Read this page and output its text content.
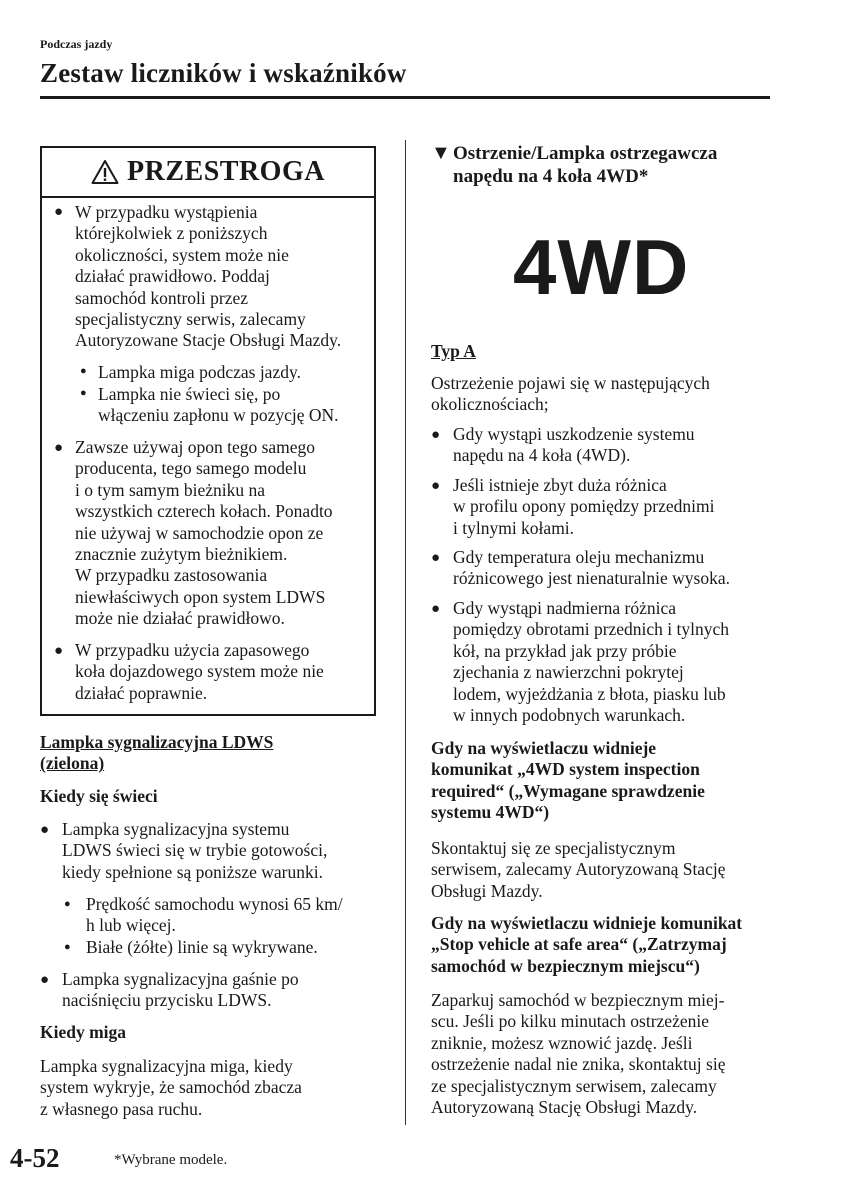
Podczas jazdy
Zestaw liczników i wskaźników
PRZESTROGA
● W przypadku wystąpienia
którejkolwiek z poniższych
okoliczności, system może nie
działać prawidłowo. Poddaj
samochód kontroli przez
specjalistyczny serwis, zalecamy
Autoryzowane Stacje Obsługi Mazdy.
● Lampka miga podczas jazdy.
● Lampka nie świeci się, po
włączeniu zapłonu w pozycję ON.
● Zawsze używaj opon tego samego
producenta, tego samego modelu
i o tym samym bieżniku na
wszystkich czterech kołach. Ponadto
nie używaj w samochodzie opon ze
znacznie zużytym bieżnikiem.
W przypadku zastosowania
niewłaściwych opon system LDWS
może nie działać prawidłowo.
● W przypadku użycia zapasowego
koła dojazdowego system może nie
działać poprawnie.
Lampka sygnalizacyjna LDWS
(zielona)
Kiedy się świeci
● Lampka sygnalizacyjna systemu
LDWS świeci się w trybie gotowości,
kiedy spełnione są poniższe warunki.
● Prędkość samochodu wynosi 65 km/
h lub więcej.
● Białe (żółte) linie są wykrywane.
● Lampka sygnalizacyjna gaśnie po
naciśnięciu przycisku LDWS.
Kiedy miga
Lampka sygnalizacyjna miga, kiedy
system wykryje, że samochód zbacza
z własnego pasa ruchu.
▼ Ostrzenie/Lampka ostrzegawcza
napędu na 4 koła 4WD*
4WD
Typ A
Ostrzeżenie pojawi się w następujących
okolicznościach;
● Gdy wystąpi uszkodzenie systemu
napędu na 4 koła (4WD).
● Jeśli istnieje zbyt duża różnica
w profilu opony pomiędzy przednimi
i tylnymi kołami.
● Gdy temperatura oleju mechanizmu
różnicowego jest nienaturalnie wysoka.
● Gdy wystąpi nadmierna różnica
pomiędzy obrotami przednich i tylnych
kół, na przykład jak przy próbie
zjechania z nawierzchni pokrytej
lodem, wyjeżdżania z błota, piasku lub
w innych podobnych warunkach.
Gdy na wyświetlaczu widnieje
komunikat „4WD system inspection
required“ („Wymagane sprawdzenie
systemu 4WD“)
Skontaktuj się ze specjalistycznym
serwisem, zalecamy Autoryzowaną Stację
Obsługi Mazdy.
Gdy na wyświetlaczu widnieje komunikat
„Stop vehicle at safe area“ („Zatrzymaj
samochód w bezpiecznym miejscu“)
Zaparkuj samochód w bezpiecznym miej-
scu. Jeśli po kilku minutach ostrzeżenie
zniknie, możesz wznowić jazdę. Jeśli
ostrzeżenie nadal nie znika, skontaktuj się
ze specjalistycznym serwisem, zalecamy
Autoryzowaną Stację Obsługi Mazdy.
4-52	*Wybrane modele.
